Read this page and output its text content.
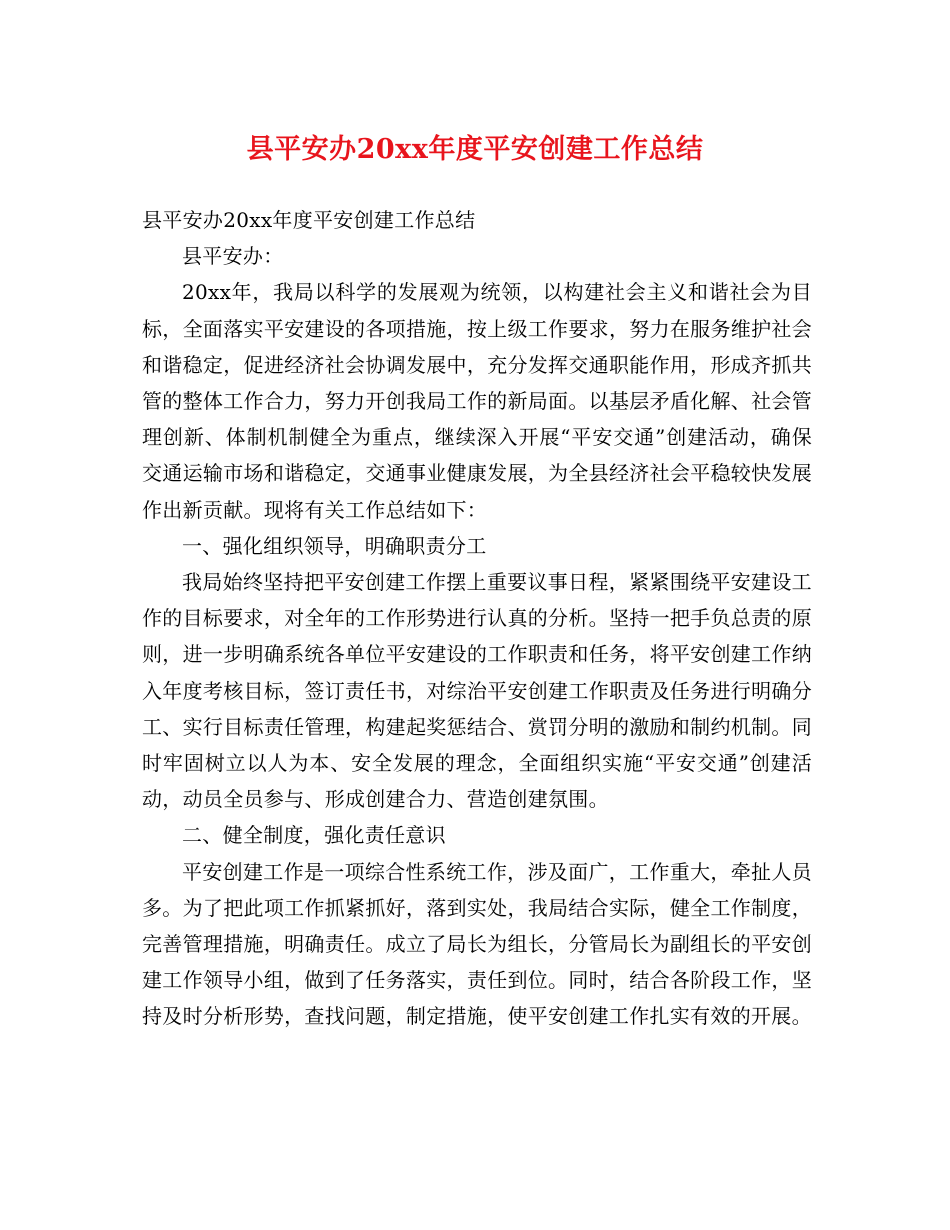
县平安办20xx年度平安创建工作总结

县平安办20xx年度平安创建工作总结

县平安办：

20xx年，我局以科学的发展观为统领，以构建社会主义和谐社会为目标，全面落实平安建设的各项措施，按上级工作要求，努力在服务维护社会和谐稳定，促进经济社会协调发展中，充分发挥交通职能作用，形成齐抓共管的整体工作合力，努力开创我局工作的新局面。以基层矛盾化解、社会管理创新、体制机制健全为重点，继续深入开展“平安交通”创建活动，确保交通运输市场和谐稳定，交通事业健康发展，为全县经济社会平稳较快发展作出新贡献。现将有关工作总结如下：

一、强化组织领导，明确职责分工

我局始终坚持把平安创建工作摆上重要议事日程，紧紧围绕平安建设工作的目标要求，对全年的工作形势进行认真的分析。坚持一把手负总责的原则，进一步明确系统各单位平安建设的工作职责和任务，将平安创建工作纳入年度考核目标，签订责任书，对综治平安创建工作职责及任务进行明确分工、实行目标责任管理，构建起奖惩结合、赏罚分明的激励和制约机制。同时牢固树立以人为本、安全发展的理念，全面组织实施“平安交通”创建活动，动员全员参与、形成创建合力、营造创建氛围。

二、健全制度，强化责任意识

平安创建工作是一项综合性系统工作，涉及面广，工作重大，牵扯人员多。为了把此项工作抓紧抓好，落到实处，我局结合实际，健全工作制度，完善管理措施，明确责任。成立了局长为组长，分管局长为副组长的平安创建工作领导小组，做到了任务落实，责任到位。同时，结合各阶段工作，坚持及时分析形势，查找问题，制定措施，使平安创建工作扎实有效的开展。
